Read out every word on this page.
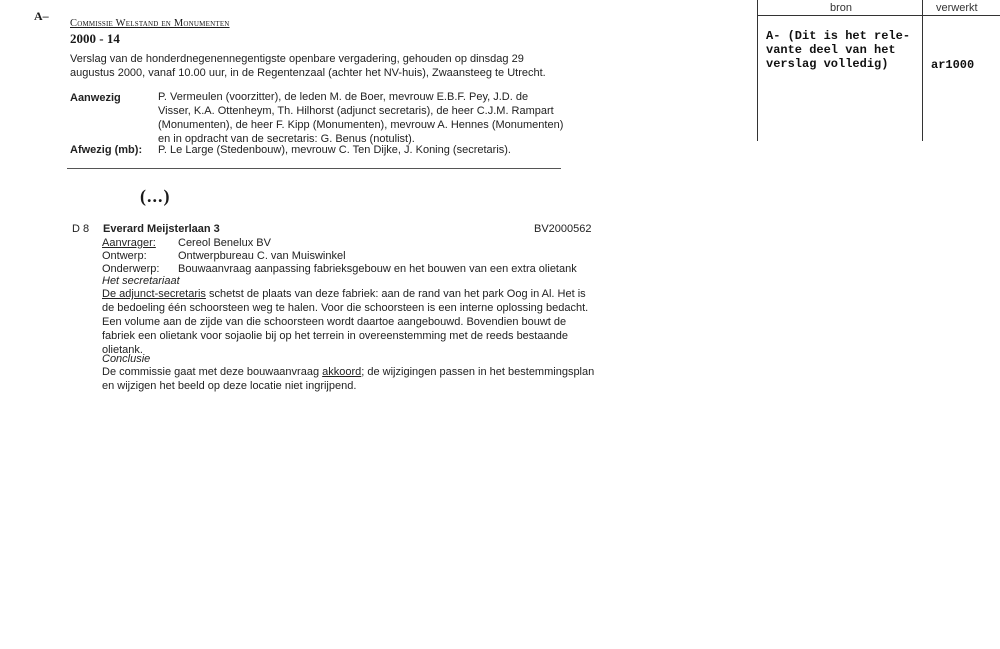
A–
Commissie Welstand en Monumenten
2000 - 14
Verslag van de honderdnegenennegentigste openbare vergadering, gehouden op dinsdag 29
augustus 2000, vanaf 10.00 uur, in de Regentenzaal (achter het NV-huis), Zwaansteeg te Utrecht.
Aanwezig	P. Vermeulen (voorzitter), de leden M. de Boer, mevrouw E.B.F. Pey, J.D. de
Visser, K.A. Ottenheym, Th. Hilhorst (adjunct secretaris), de heer C.J.M. Rampart
(Monumenten), de heer F. Kipp (Monumenten), mevrouw A. Hennes (Monumenten)
en in opdracht van de secretaris: G. Benus (notulist).
Afwezig (mb): P. Le Large (Stedenbouw), mevrouw C. Ten Dijke, J. Koning (secretaris).
(...)
D 8 Everard Meijsterlaan 3	BV2000562
Aanvrager: Cereol Benelux BV
Ontwerp:	Ontwerpbureau C. van Muiswinkel
Onderwerp: Bouwaanvraag aanpassing fabrieksgebouw en het bouwen van een extra olietank
Het secretariaat
De adjunct-secretaris schetst de plaats van deze fabriek: aan de rand van het park Oog in Al. Het is
de bedoeling één schoorsteen weg te halen. Voor die schoorsteen is een interne oplossing bedacht.
Een volume aan de zijde van die schoorsteen wordt daartoe aangebouwd. Bovendien bouwt de
fabriek een olietank voor sojaolie bij op het terrein in overeenstemming met de reeds bestaande
olietank.
Conclusie
De commissie gaat met deze bouwaanvraag akkoord; de wijzigingen passen in het bestemmingsplan
en wijzigen het beeld op deze locatie niet ingrijpend.
bron	verwerkt
A- (Dit is het rele-
vante deel van het
verslag volledig)	ar1000
